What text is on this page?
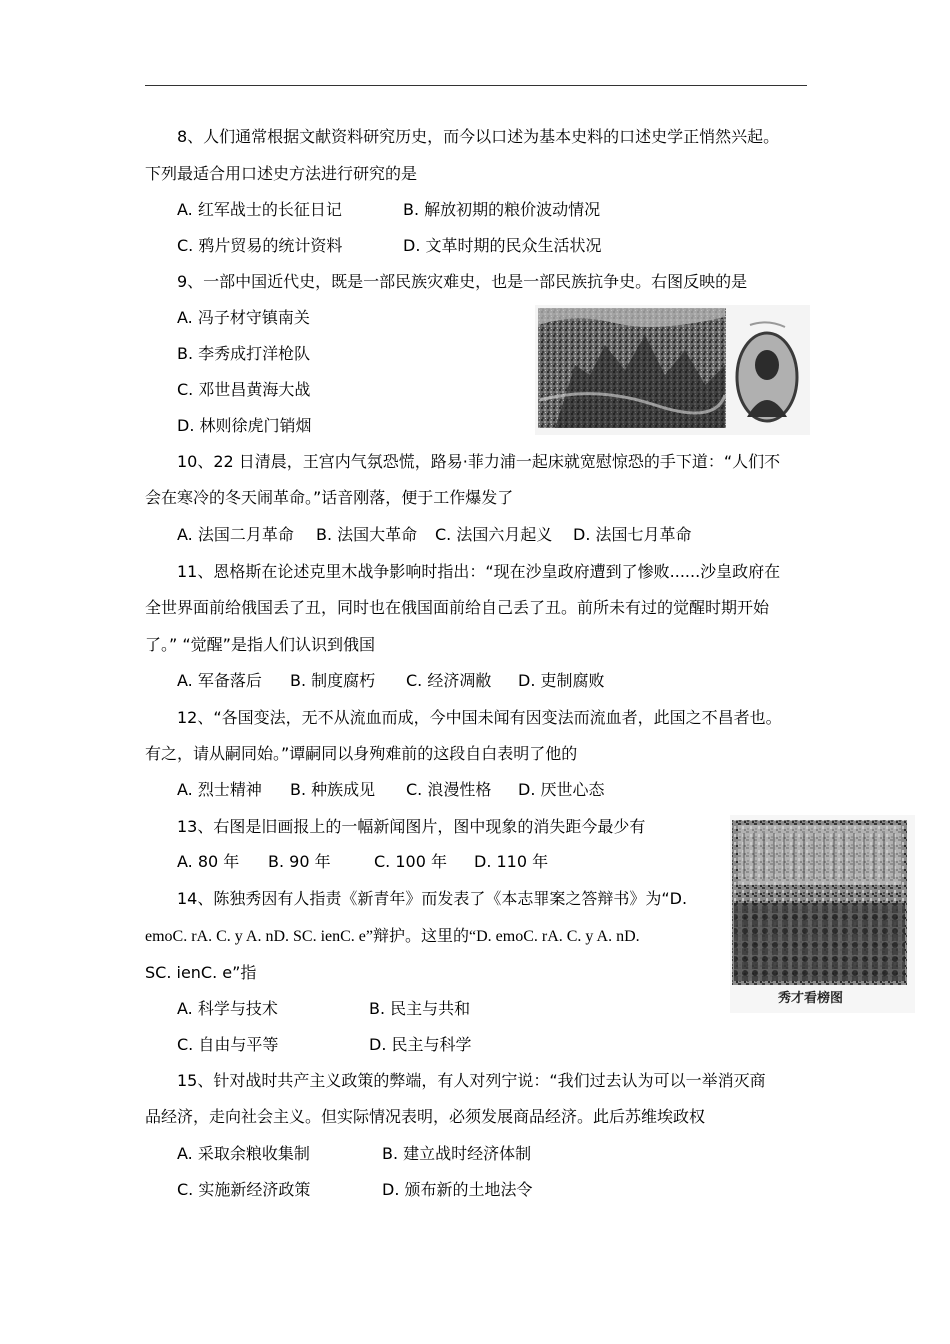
8、人们通常根据文献资料研究历史，而今以口述为基本史料的口述史学正悄然兴起。
下列最适合用口述史方法进行研究的是
A. 红军战士的长征日记	B. 解放初期的粮价波动情况
C. 鸦片贸易的统计资料	D. 文革时期的民众生活状况
9、一部中国近代史，既是一部民族灾难史，也是一部民族抗争史。右图反映的是
A. 冯子材守镇南关
B. 李秀成打洋枪队
C. 邓世昌黄海大战
D. 林则徐虎门销烟
10、22 日清晨，王宫内气氛恐慌，路易·菲力浦一起床就宽慰惊恐的手下道：“人们不
会在寒冷的冬天闹革命。”话音刚落，便于工作爆发了
A. 法国二月革命 B. 法国大革命 C. 法国六月起义 D. 法国七月革命
11、恩格斯在论述克里木战争影响时指出：“现在沙皇政府遭到了惨败......沙皇政府在
全世界面前给俄国丢了丑，同时也在俄国面前给自己丢了丑。前所未有过的觉醒时期开始
了。” “觉醒”是指人们认识到俄国
A. 军备落后 B. 制度腐朽 C. 经济凋敝 D. 吏制腐败
12、“各国变法，无不从流血而成，今中国未闻有因变法而流血者，此国之不昌者也。
有之，请从嗣同始。”谭嗣同以身殉难前的这段自白表明了他的
A. 烈士精神 B. 种族成见 C. 浪漫性格 D. 厌世心态
13、右图是旧画报上的一幅新闻图片，图中现象的消失距今最少有
A. 80 年 B. 90 年	C. 100 年 D. 110 年
秀才看榜图
14、陈独秀因有人指责《新青年》而发表了《本志罪案之答辩书》为“D.
emoC. rA. C. y A. nD. SC. ienC. e”辩护。这里的“D. emoC. rA. C. y A. nD.
SC. ienC. e”指
A. 科学与技术	B. 民主与共和
C. 自由与平等	D. 民主与科学
15、针对战时共产主义政策的弊端，有人对列宁说：“我们过去认为可以一举消灭商
品经济，走向社会主义。但实际情况表明，必须发展商品经济。此后苏维埃政权
A. 采取余粮收集制	B. 建立战时经济体制
C. 实施新经济政策	D. 颁布新的土地法令
